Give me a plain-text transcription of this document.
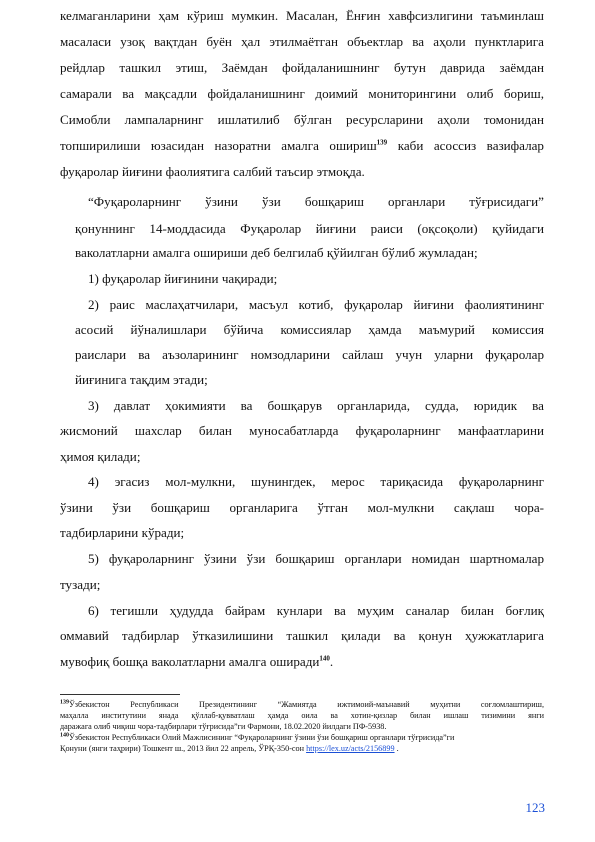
келмаганларини ҳам кўриш мумкин. Масалан, Ёнғин хавфсизлигини таъминлаш
масаласи узоқ вақтдан буён ҳал этилмаётган объектлар ва аҳоли пунктларига
рейдлар ташкил этиш, Заёмдан фойдаланишнинг бутун даврида заёмдан
самарали ва мақсадли фойдаланишнинг доимий мониторингини олиб бориш,
Симобли лампаларнинг ишлатилиб бўлган ресурсларини аҳоли томонидан
топширилиши юзасидан назоратни амалга ошириш$^{139}$ каби асоссиз вазифалар
фуқаролар йиғини фаолиятига салбий таъсир этмоқда.
“Фуқароларнинг ўзини ўзи бошқариш органлари тўғрисидаги”
қонуннинг 14-моддасида Фуқаролар йиғини раиси (оқсоқоли) қуйидаги
ваколатларни амалга ошириши деб белгилаб қўйилган бўлиб жумладан;
1) фуқаролар йиғинини чақиради;
2) раис маслаҳатчилари, масъул котиб, фуқаролар йиғини фаолиятининг
асосий йўналишлари бўйича комиссиялар ҳамда маъмурий комиссия
раислари ва аъзоларининг номзодларини сайлаш учун уларни фуқаролар
йиғинига тақдим этади;
3) давлат ҳокимияти ва бошқарув органларида, судда, юридик ва
жисмоний шахслар билан муносабатларда фуқароларнинг манфаатларини
ҳимоя қилади;
4) эгасиз мол-мулкни, шунингдек, мерос тариқасида фуқароларнинг
ўзини ўзи бошқариш органларига ўтган мол-мулкни сақлаш чора-
тадбирларини кўради;
5) фуқароларнинг ўзини ўзи бошқариш органлари номидан шартномалар
тузади;
6) тегишли ҳудудда байрам кунлари ва муҳим саналар билан боғлиқ
оммавий тадбирлар ўтказилишини ташкил қилади ва қонун ҳужжатларига
мувофиқ бошқа ваколатларни амалга оширади$^{140}$.
$^{139}$Ўзбекистон Республикаси Президентининг “Жамиятда ижтимоий-маънавий муҳитни соғломлаштириш,
маҳалла институтини янада қўллаб-қувватлаш ҳамда оила ва хотин-қизлар билан ишлаш тизимини янги
даражага олиб чиқиш чора-тадбирлари тўғрисида”ги Фармони, 18.02.2020 йилдаги ПФ-5938.
$^{140}$Ўзбекистон Республикаси Олий Мажлисининг “Фуқароларнинг ўзини ўзи бошқариш органлари тўғрисида”ги
Қонуни (янги таҳрири) Тошкент ш., 2013 йил 22 апрель, ЎРҚ-350-сон https://lex.uz/acts/2156899 .
123
